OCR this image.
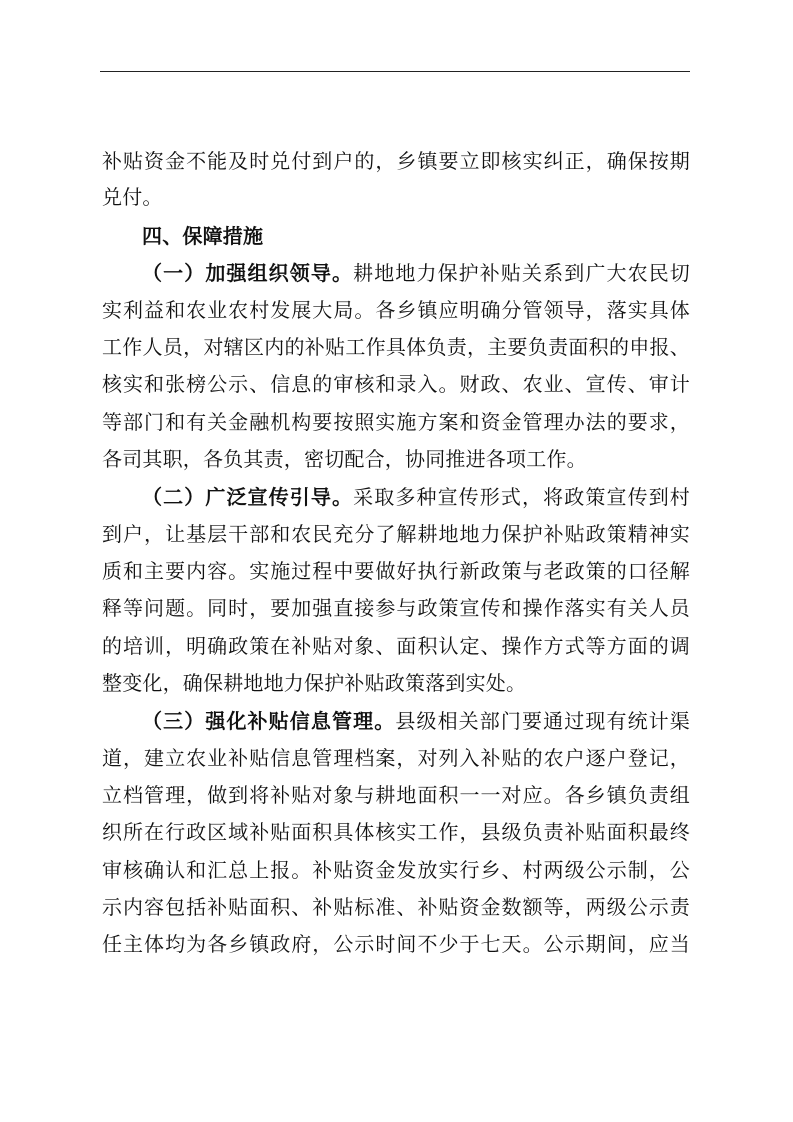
补贴资金不能及时兑付到户的，乡镇要立即核实纠正，确保按期
兑付。
四、保障措施
（一）加强组织领导。耕地地力保护补贴关系到广大农民切
实利益和农业农村发展大局。各乡镇应明确分管领导，落实具体
工作人员，对辖区内的补贴工作具体负责，主要负责面积的申报、
核实和张榜公示、信息的审核和录入。财政、农业、宣传、审计
等部门和有关金融机构要按照实施方案和资金管理办法的要求，
各司其职，各负其责，密切配合，协同推进各项工作。
（二）广泛宣传引导。采取多种宣传形式，将政策宣传到村
到户，让基层干部和农民充分了解耕地地力保护补贴政策精神实
质和主要内容。实施过程中要做好执行新政策与老政策的口径解
释等问题。同时，要加强直接参与政策宣传和操作落实有关人员
的培训，明确政策在补贴对象、面积认定、操作方式等方面的调
整变化，确保耕地地力保护补贴政策落到实处。
（三）强化补贴信息管理。县级相关部门要通过现有统计渠
道，建立农业补贴信息管理档案，对列入补贴的农户逐户登记，
立档管理，做到将补贴对象与耕地面积一一对应。各乡镇负责组
织所在行政区域补贴面积具体核实工作，县级负责补贴面积最终
审核确认和汇总上报。补贴资金发放实行乡、村两级公示制，公
示内容包括补贴面积、补贴标准、补贴资金数额等，两级公示责
任主体均为各乡镇政府，公示时间不少于七天。公示期间，应当
